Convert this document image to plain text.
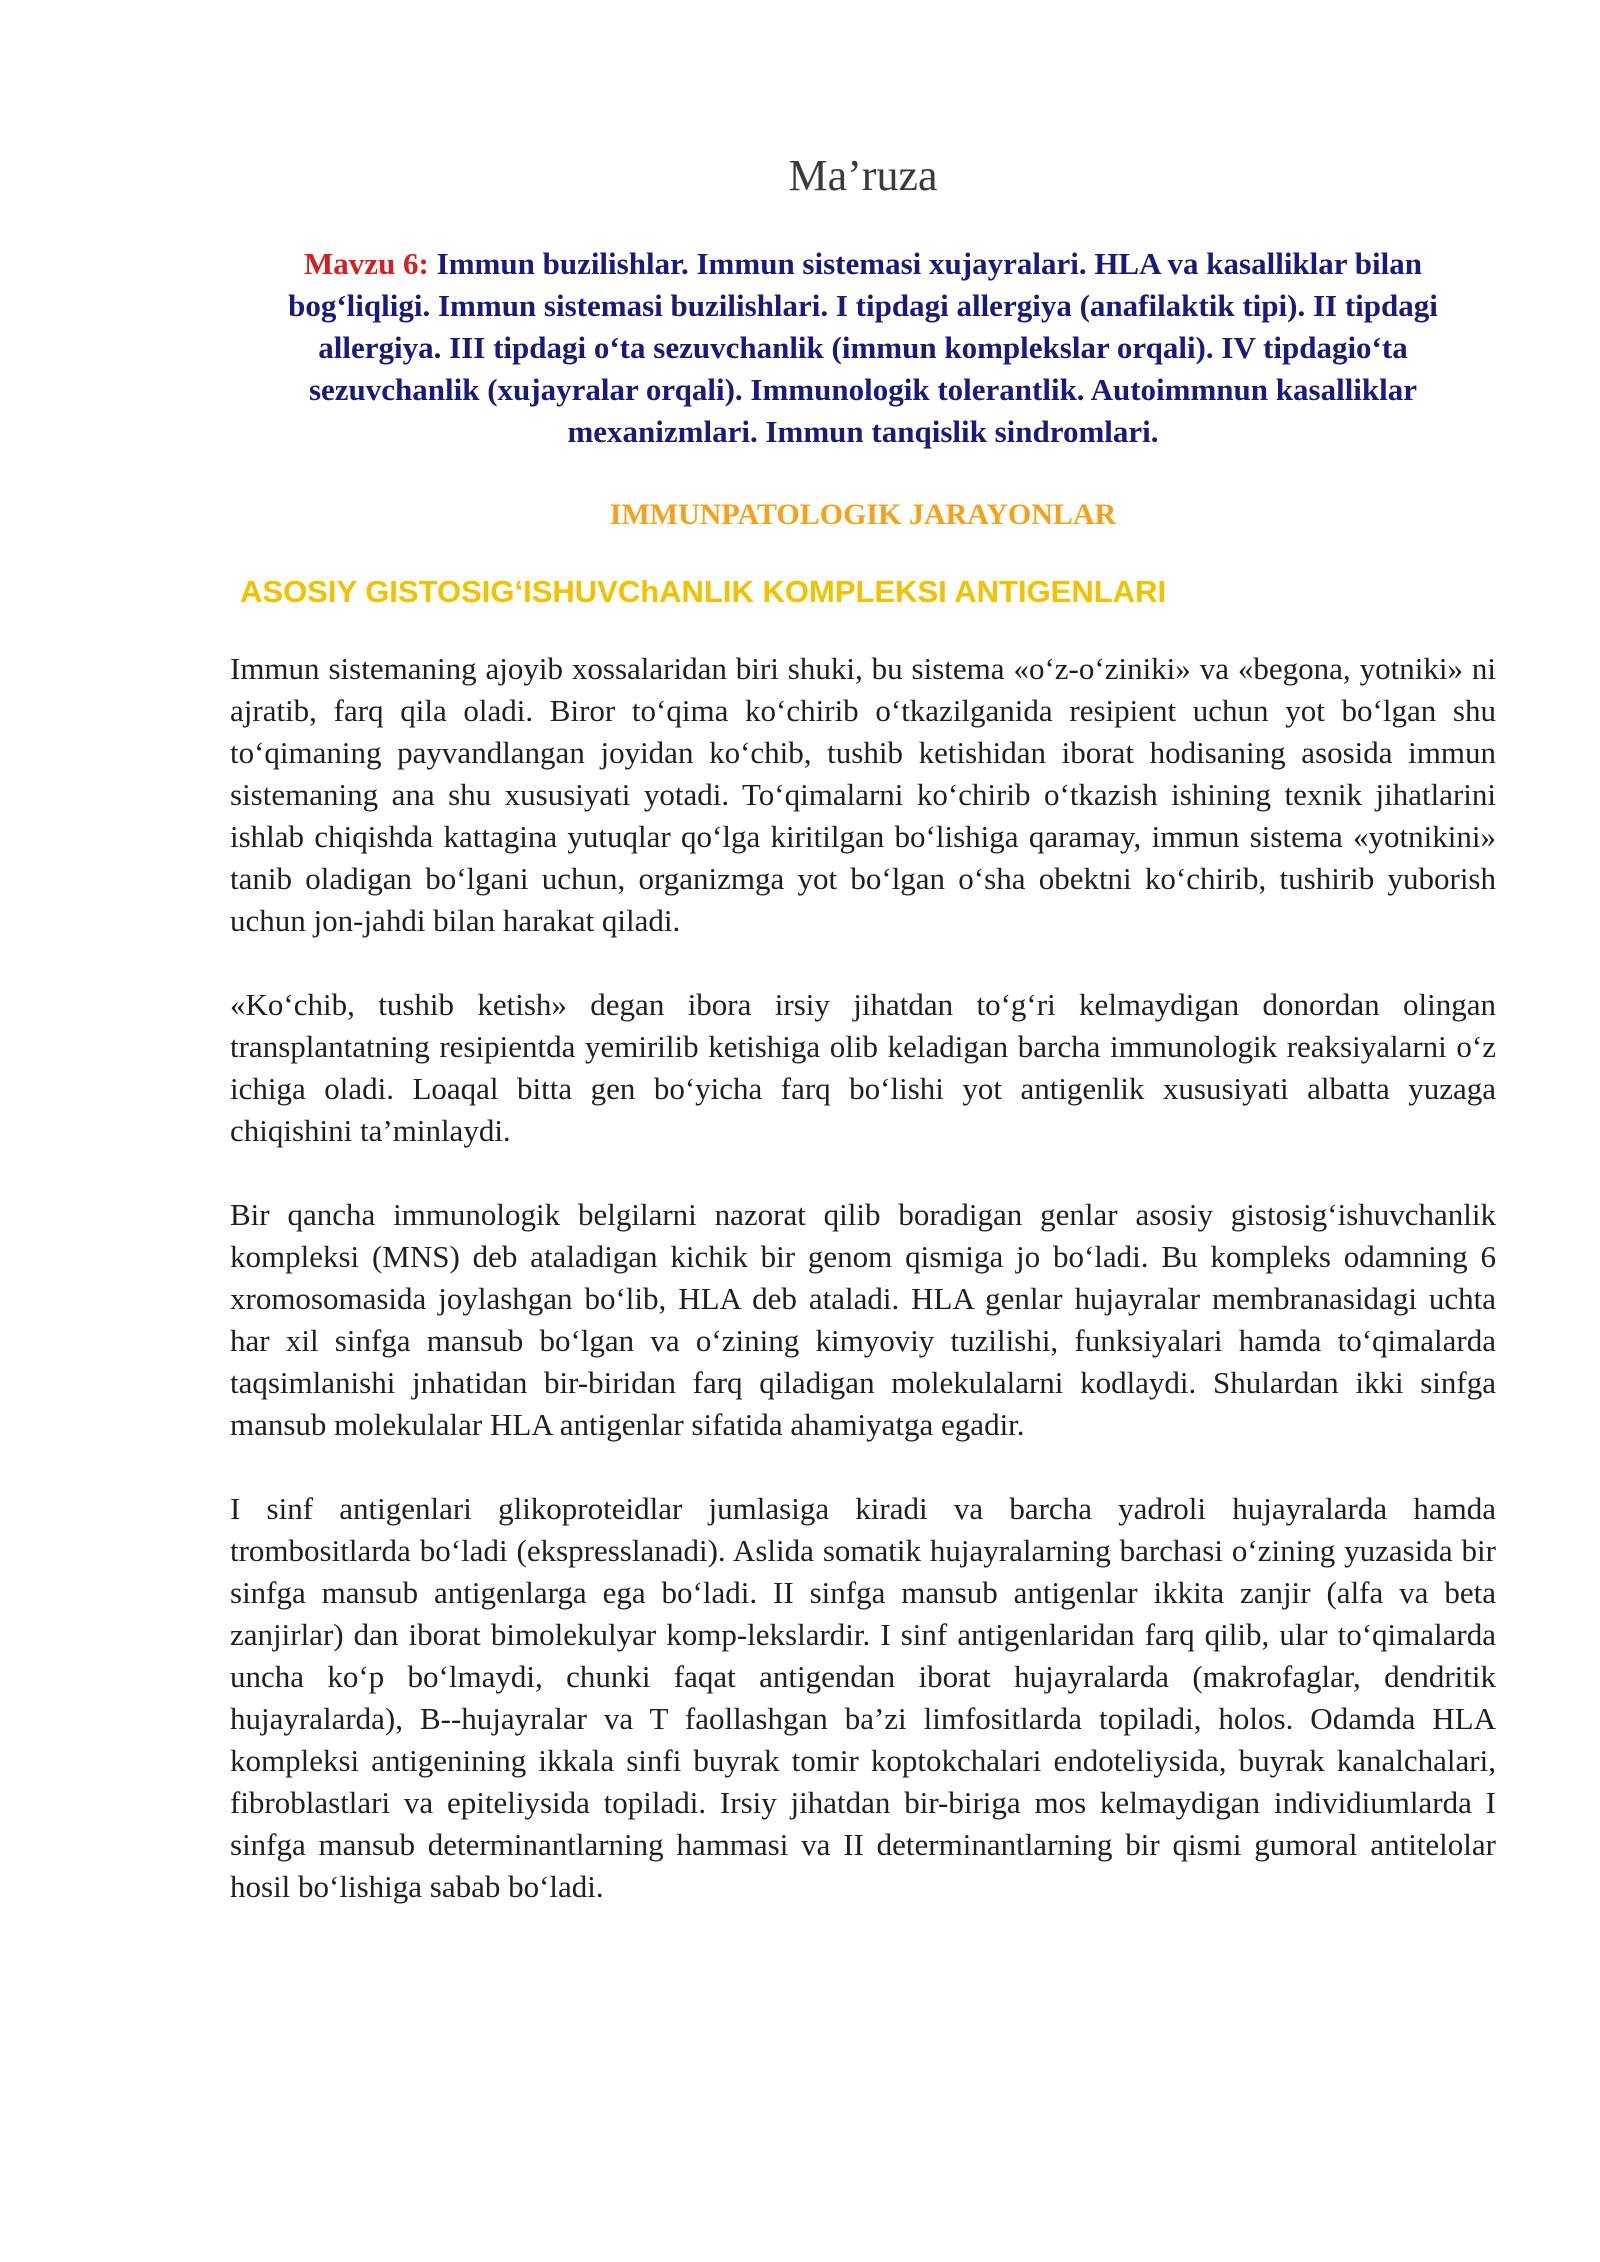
Ma’ruza

Mavzu 6: Immun buzilishlar. Immun sistemasi xujayralari. HLA va kasalliklar bilan bogʻliqligi. Immun sistemasi buzilishlari. I tipdagi allergiya (anafilaktik tipi). II tipdagi allergiya. III tipdagi oʻta sezuvchanlik (immun komplekslar orqali). IV tipdagioʻta sezuvchanlik (xujayralar orqali). Immunologik tolerantlik. Autoimmnun kasalliklar mexanizmlari. Immun tanqislik sindromlari.

IMMUNPATOLOGIK JARAYONLAR
ASOSIY GISTOSIGʻISHUVChANLIK KOMPLEKSI ANTIGENLARI

Immun sistemaning ajoyib xossalaridan biri shuki, bu sistema «oʻz-oʻziniki» va «begona, yotniki» ni ajratib, farq qila oladi. Biror toʻqima koʻchirib oʻtkazilganida resipient uchun yot boʻlgan shu toʻqimaning payvandlangan joyidan koʻchib, tushib ketishidan iborat hodisaning asosida immun sistemaning ana shu xususiyati yotadi. Toʻqimalarni koʻchirib oʻtkazish ishining texnik jihatlarini ishlab chiqishda kattagina yutuqlar qoʻlga kiritilgan boʻlishiga qaramay, immun sistema «yotnikini» tanib oladigan boʻlgani uchun, organizmga yot boʻlgan oʻsha obektni koʻchirib, tushirib yuborish uchun jon-jahdi bilan harakat qiladi.

«Koʻchib, tushib ketish» degan ibora irsiy jihatdan toʻgʻri kelmaydigan donordan olingan transplantatning resipientda yemirilib ketishiga olib keladigan barcha immunologik reaksiyalarni oʻz ichiga oladi. Loaqal bitta gen boʻyicha farq boʻlishi yot antigenlik xususiyati albatta yuzaga chiqishini ta’minlaydi.

Bir qancha immunologik belgilarni nazorat qilib boradigan genlar asosiy gistosigʻishuvchanlik kompleksi (MNS) deb ataladigan kichik bir genom qismiga jo boʻladi. Bu kompleks odamning 6 xromosomasida joylashgan boʻlib, HLA deb ataladi. HLA genlar hujayralar membranasidagi uchta har xil sinfga mansub boʻlgan va oʻzining kimyoviy tuzilishi, funksiyalari hamda toʻqimalarda taqsimlanishi jnhatidan bir-biridan farq qiladigan molekulalarni kodlaydi. Shulardan ikki sinfga mansub molekulalar HLA antigenlar sifatida ahamiyatga egadir.

I sinf antigenlari glikoproteidlar jumlasiga kiradi va barcha yadroli hujayralarda hamda trombositlarda boʻladi (ekspresslanadi). Aslida somatik hujayralarning barchasi oʻzining yuzasida bir sinfga mansub antigenlarga ega boʻladi. II sinfga mansub antigenlar ikkita zanjir (alfa va beta zanjirlar) dan iborat bimolekulyar komp-lekslardir. I sinf antigenlaridan farq qilib, ular toʻqimalarda uncha koʻp boʻlmaydi, chunki faqat antigendan iborat hujayralarda (makrofaglar, dendritik hujayralarda), B--hujayralar va T faollashgan ba’zi limfositlarda topiladi, holos. Odamda HLA kompleksi antigenining ikkala sinfi buyrak tomir koptokchalari endoteliysida, buyrak kanalchalari, fibroblastlari va epiteliysida topiladi. Irsiy jihatdan bir-biriga mos kelmaydigan individiumlarda I sinfga mansub determinantlarning hammasi va II determinantlarning bir qismi gumoral antitelolar hosil boʻlishiga sabab boʻladi.
